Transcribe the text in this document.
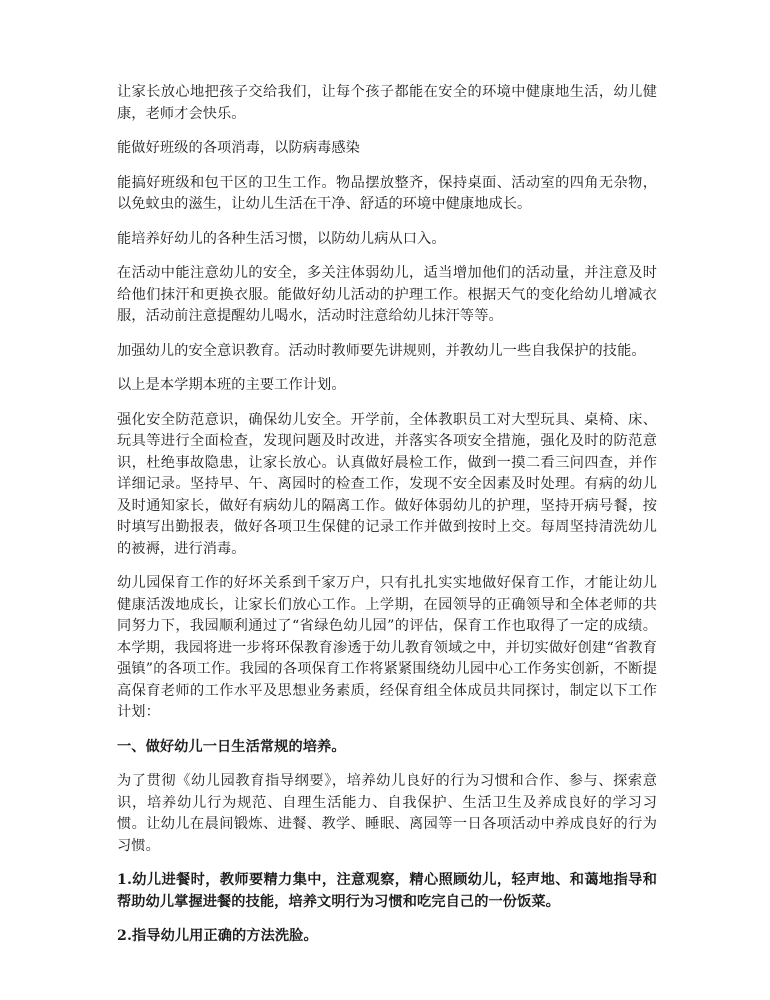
让家长放心地把孩子交给我们，让每个孩子都能在安全的环境中健康地生活，幼儿健康，老师才会快乐。

能做好班级的各项消毒，以防病毒感染

能搞好班级和包干区的卫生工作。物品摆放整齐，保持桌面、活动室的四角无杂物，以免蚊虫的滋生，让幼儿生活在干净、舒适的环境中健康地成长。

能培养好幼儿的各种生活习惯，以防幼儿病从口入。

在活动中能注意幼儿的安全，多关注体弱幼儿，适当增加他们的活动量，并注意及时给他们抹汗和更换衣服。能做好幼儿活动的护理工作。根据天气的变化给幼儿增减衣服，活动前注意提醒幼儿喝水，活动时注意给幼儿抹汗等等。

加强幼儿的安全意识教育。活动时教师要先讲规则，并教幼儿一些自我保护的技能。

以上是本学期本班的主要工作计划。

强化安全防范意识，确保幼儿安全。开学前，全体教职员工对大型玩具、桌椅、床、玩具等进行全面检查，发现问题及时改进，并落实各项安全措施，强化及时的防范意识，杜绝事故隐患，让家长放心。认真做好晨检工作，做到一摸二看三问四查，并作详细记录。坚持早、午、离园时的检查工作，发现不安全因素及时处理。有病的幼儿及时通知家长，做好有病幼儿的隔离工作。做好体弱幼儿的护理，坚持开病号餐，按时填写出勤报表，做好各项卫生保健的记录工作并做到按时上交。每周坚持清洗幼儿的被褥，进行消毒。

幼儿园保育工作的好坏关系到千家万户，只有扎扎实实地做好保育工作，才能让幼儿健康活泼地成长，让家长们放心工作。上学期，在园领导的正确领导和全体老师的共同努力下，我园顺利通过了“省绿色幼儿园”的评估，保育工作也取得了一定的成绩。本学期，我园将进一步将环保教育渗透于幼儿教育领域之中，并切实做好创建“省教育强镇”的各项工作。我园的各项保育工作将紧紧围绕幼儿园中心工作务实创新，不断提高保育老师的工作水平及思想业务素质，经保育组全体成员共同探讨，制定以下工作计划：

一、做好幼儿一日生活常规的培养。

为了贯彻《幼儿园教育指导纲要》，培养幼儿良好的行为习惯和合作、参与、探索意识，培养幼儿行为规范、自理生活能力、自我保护、生活卫生及养成良好的学习习惯。让幼儿在晨间锻炼、进餐、教学、睡眠、离园等一日各项活动中养成良好的行为习惯。

1.幼儿进餐时，教师要精力集中，注意观察，精心照顾幼儿，轻声地、和蔼地指导和帮助幼儿掌握进餐的技能，培养文明行为习惯和吃完自己的一份饭菜。

2.指导幼儿用正确的方法洗脸。
